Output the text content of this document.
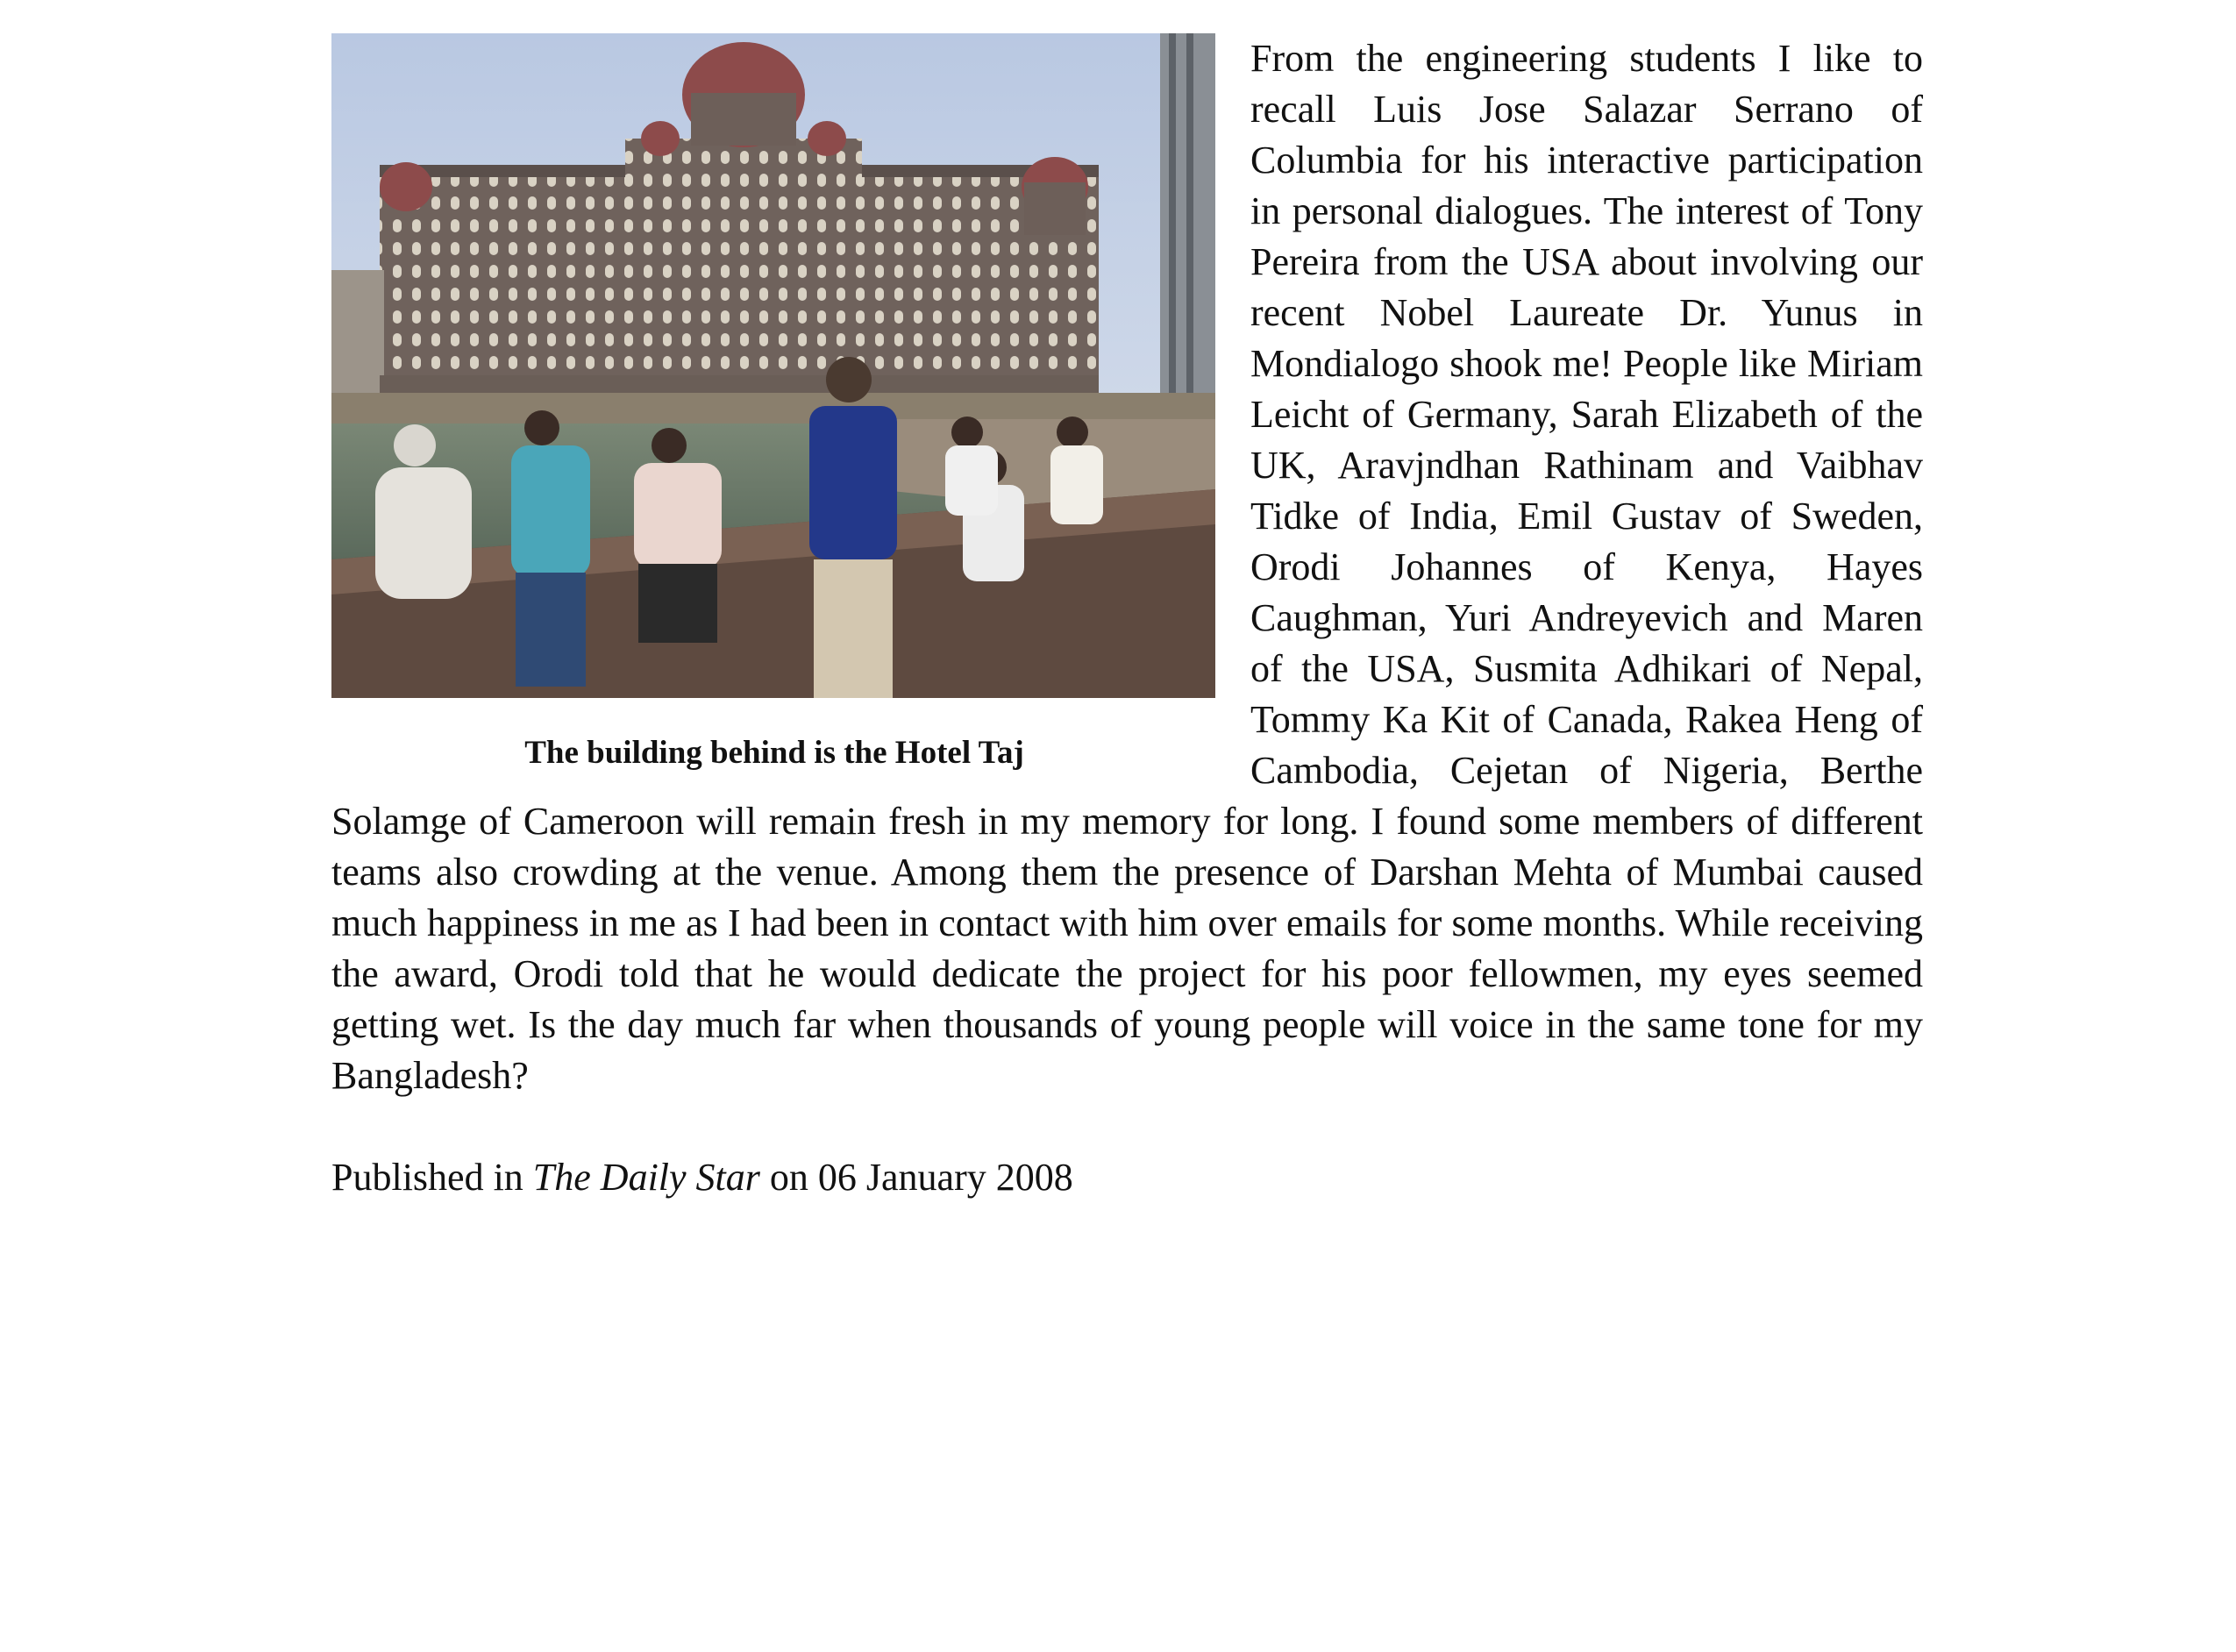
The building behind is the Hotel Taj

From the engineering students I like to recall Luis Jose Salazar Serrano of Columbia for his interactive participation in personal dialogues. The interest of Tony Pereira from the USA about involving our recent Nobel Laureate Dr. Yunus in Mondialogo shook me! People like Miriam Leicht of Germany, Sarah Elizabeth of the UK, Aravjndhan Rathinam and Vaibhav Tidke of India, Emil Gustav of Sweden, Orodi Johannes of Kenya, Hayes Caughman, Yuri Andreyevich and Maren of the USA, Susmita Adhikari of Nepal, Tommy Ka Kit of Canada, Rakea Heng of Cambodia, Cejetan of Nigeria, Berthe Solamge of Cameroon will remain fresh in my memory for long. I found some members of different teams also crowding at the venue. Among them the presence of Darshan Mehta of Mumbai caused much happiness in me as I had been in contact with him over emails for some months. While receiving the award, Orodi told that he would dedicate the project for his poor fellowmen, my eyes seemed getting wet. Is the day much far when thousands of young people will voice in the same tone for my Bangladesh?

Published in The Daily Star on 06 January 2008
